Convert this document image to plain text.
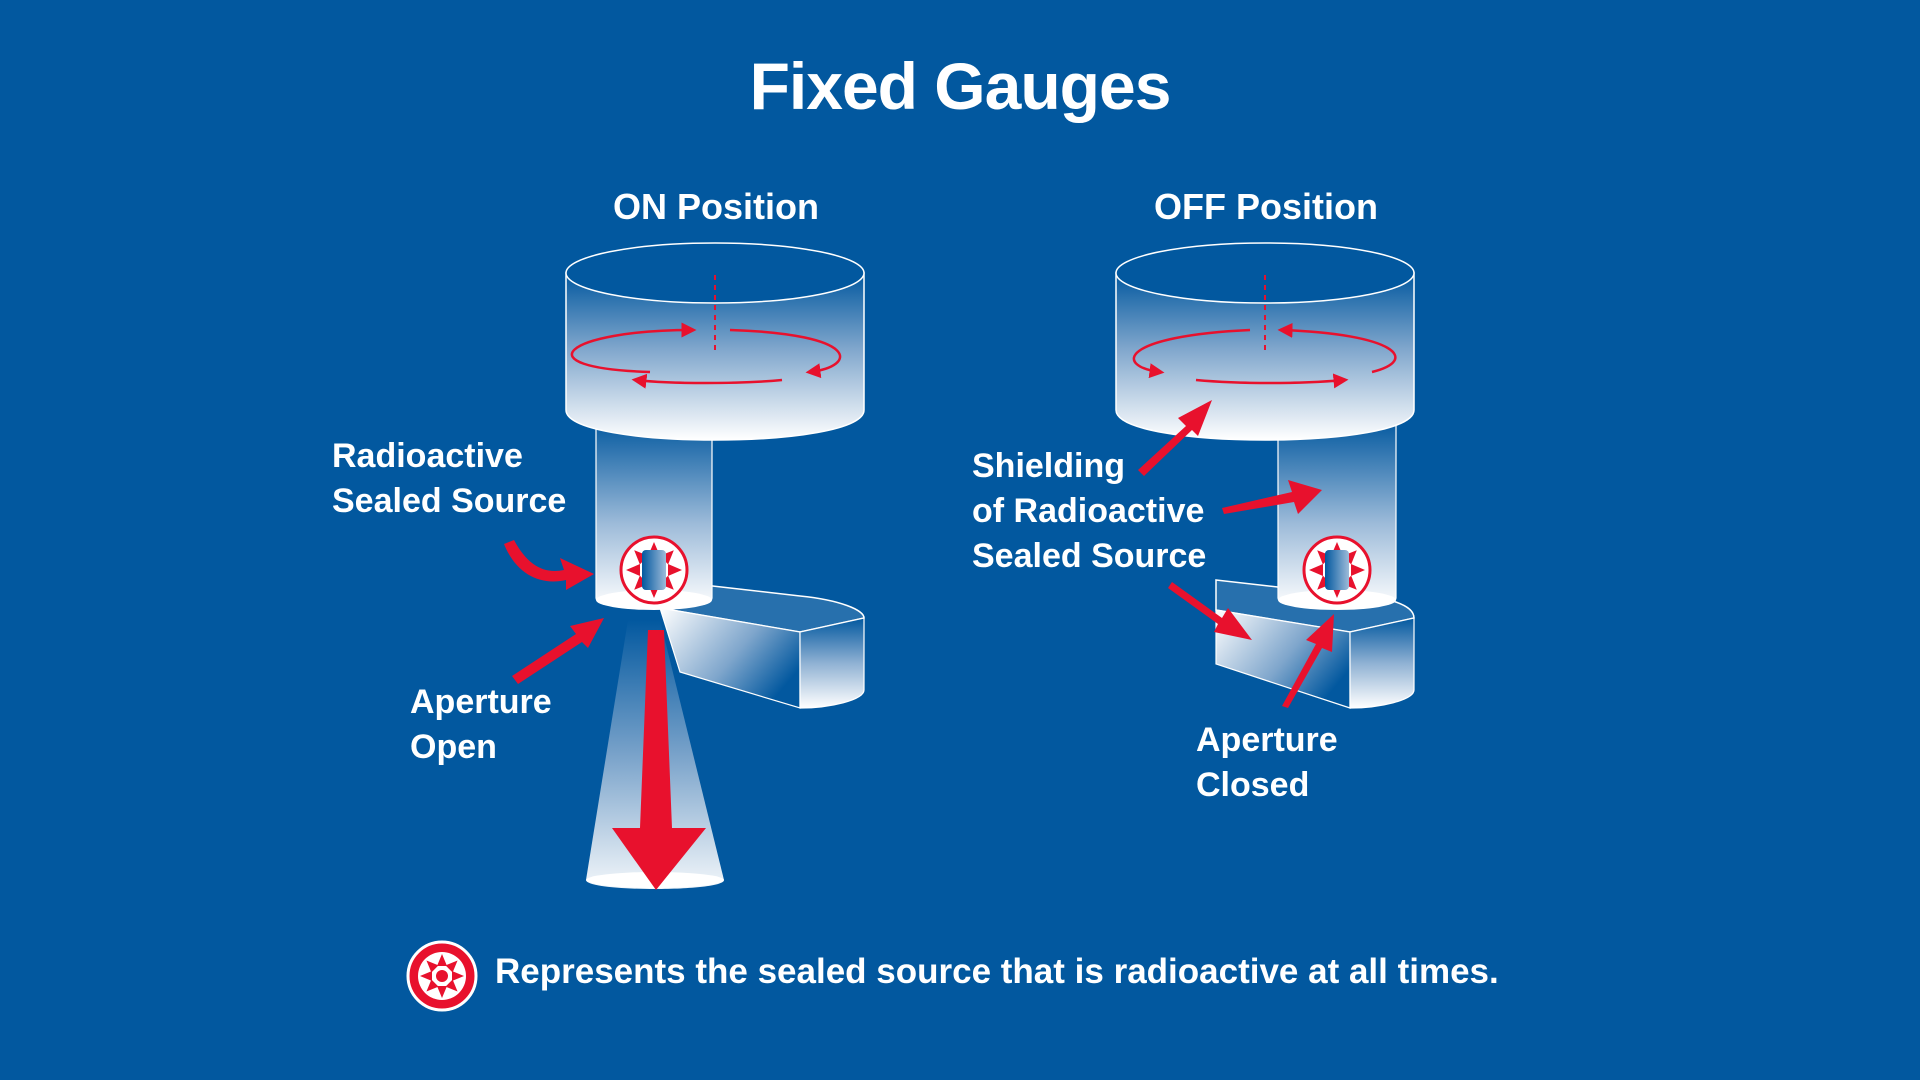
Fixed Gauges
ON Position	OFF Position
Radioactive
Sealed Source
Aperture
Open
Shielding
of Radioactive
Sealed Source
Aperture
Closed
Represents the sealed source that is radioactive at all times.
